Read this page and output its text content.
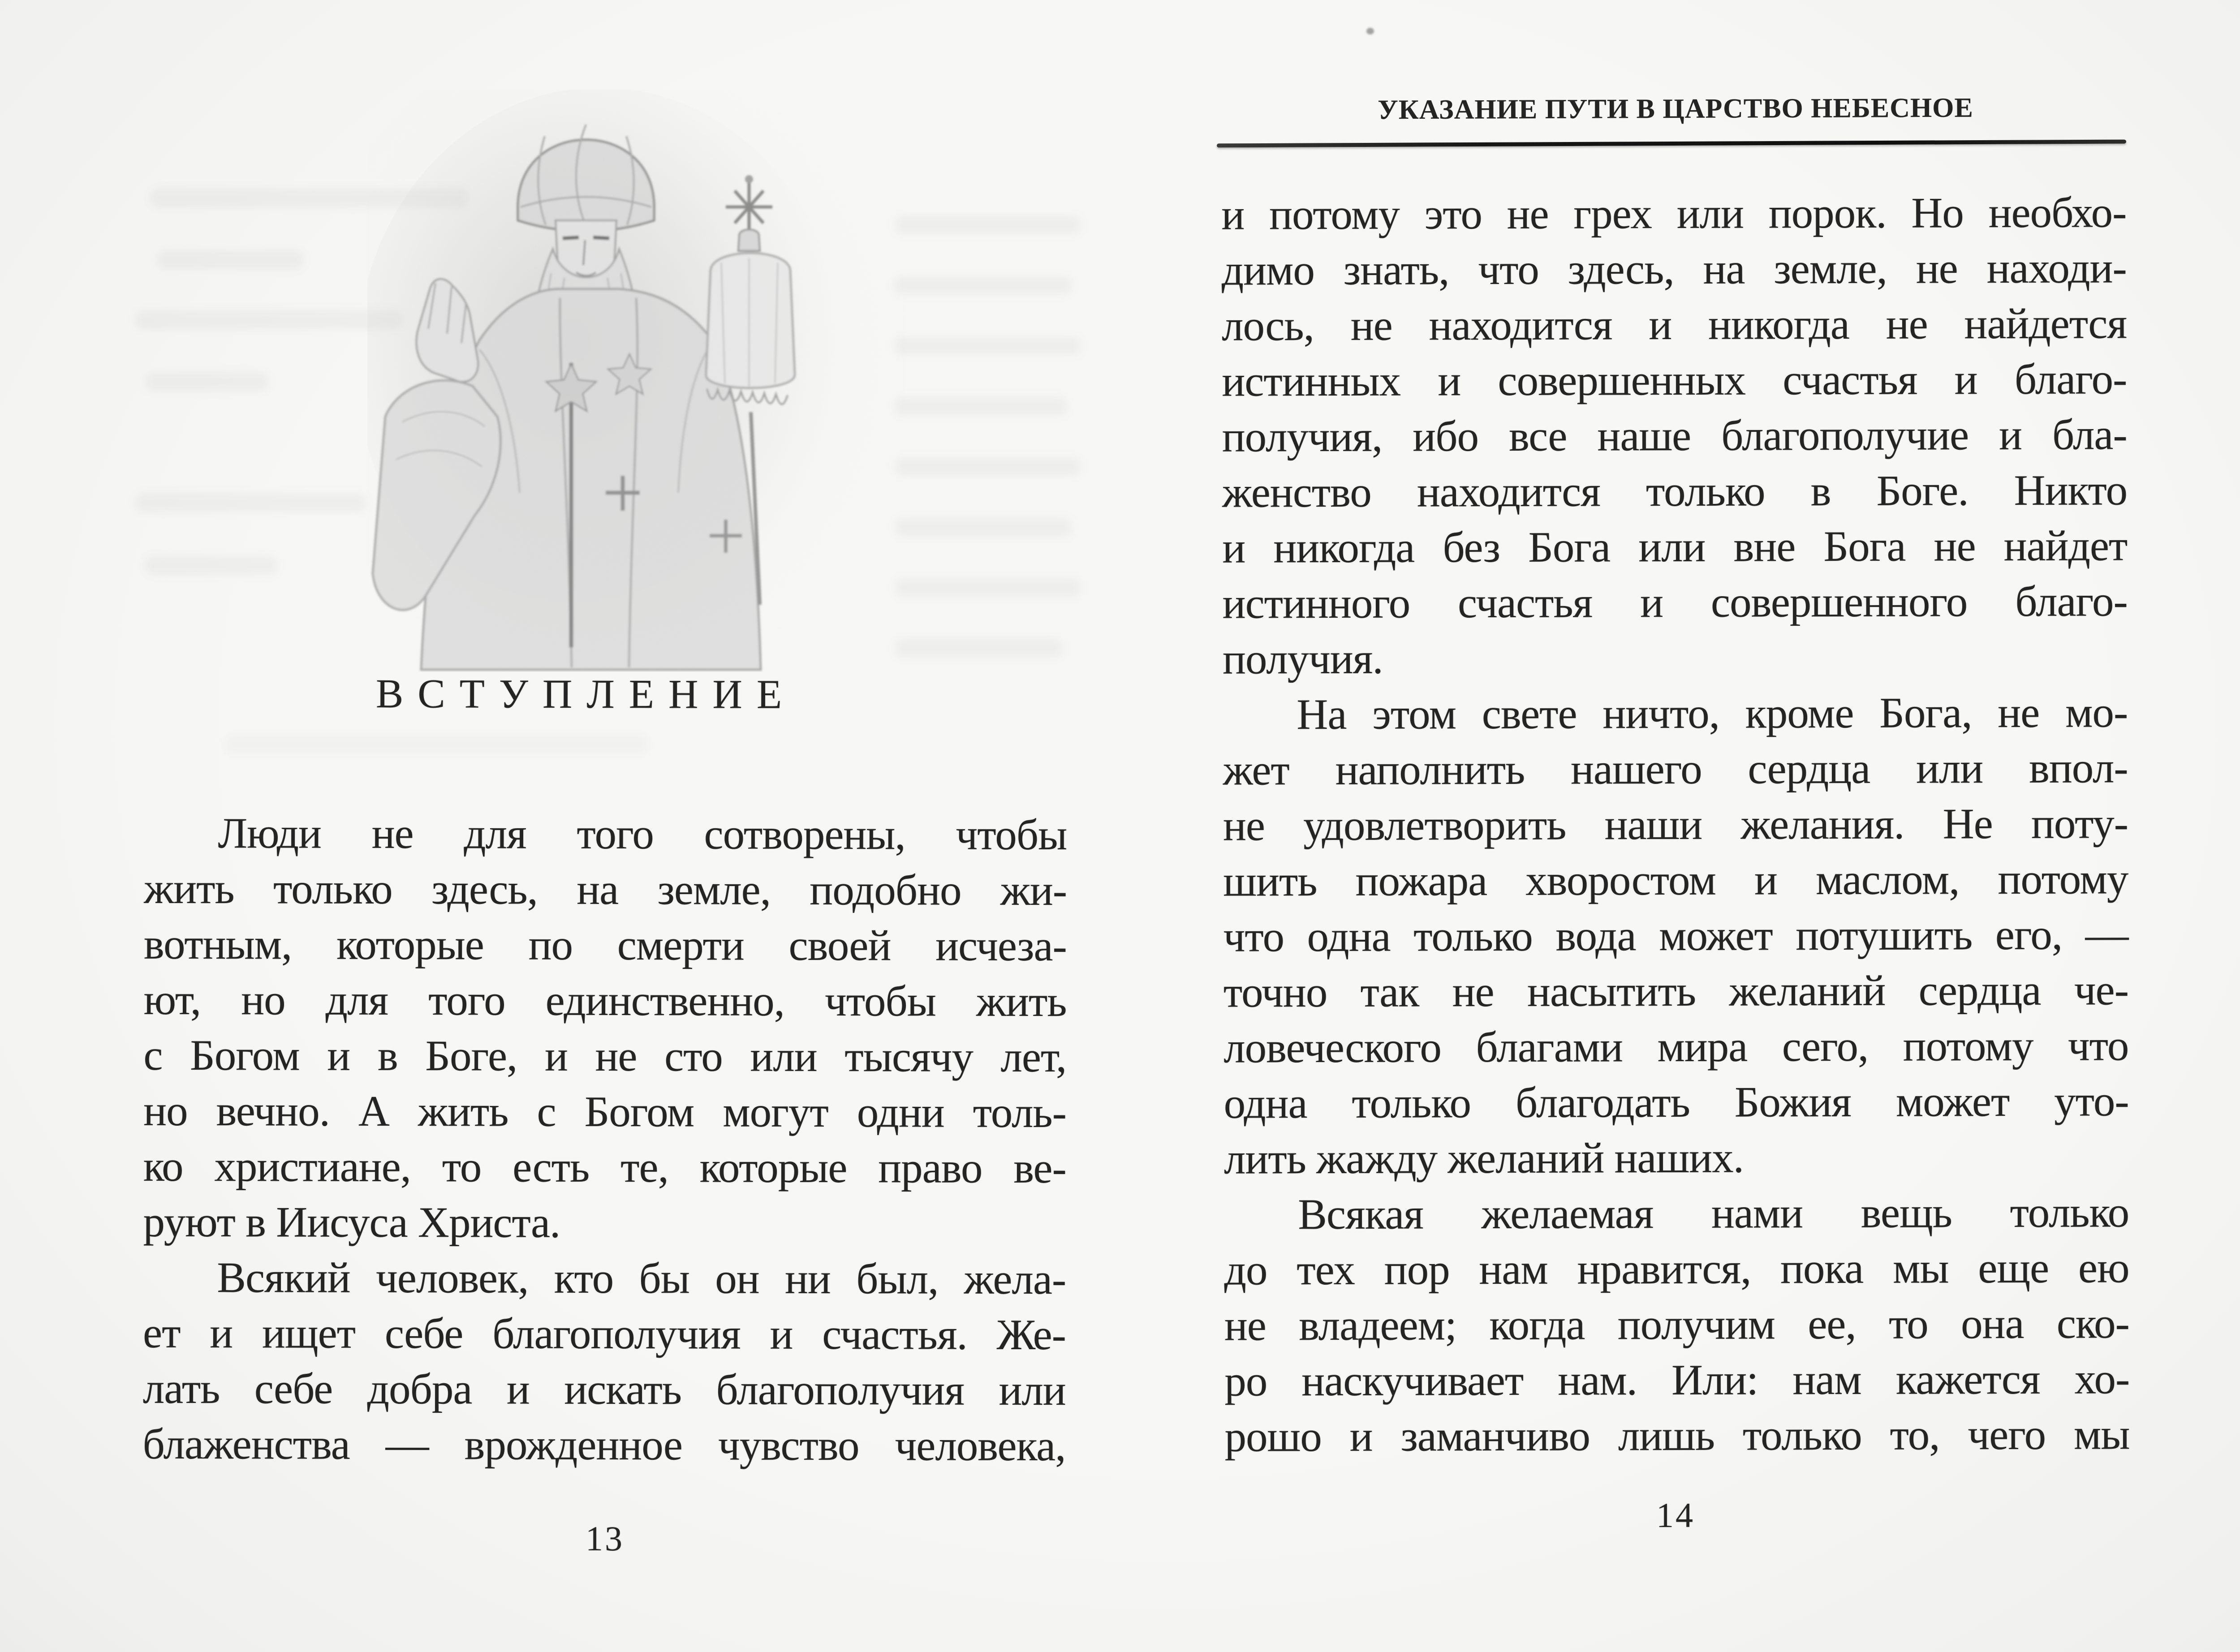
ВСТУПЛЕНИЕ
Люди не для того сотворены, чтобы
жить только здесь, на земле, подобно жи-
вотным, которые по смерти своей исчеза-
ют, но для того единственно, чтобы жить
с Богом и в Боге, и не сто или тысячу лет,
но вечно. А жить с Богом могут одни толь-
ко христиане, то есть те, которые право ве-
руют в Иисуса Христа.
Всякий человек, кто бы он ни был, жела-
ет и ищет себе благополучия и счастья. Же-
лать себе добра и искать благополучия или
блаженства — врожденное чувство человека,
13
УКАЗАНИЕ ПУТИ В ЦАРСТВО НЕБЕСНОЕ
и потому это не грех или порок. Но необхо-
димо знать, что здесь, на земле, не находи-
лось, не находится и никогда не найдется
истинных и совершенных счастья и благо-
получия, ибо все наше благополучие и бла-
женство находится только в Боге. Никто
и никогда без Бога или вне Бога не найдет
истинного счастья и совершенного благо-
получия.
На этом свете ничто, кроме Бога, не мо-
жет наполнить нашего сердца или впол-
не удовлетворить наши желания. Не поту-
шить пожара хворостом и маслом, потому
что одна только вода может потушить его, —
точно так не насытить желаний сердца че-
ловеческого благами мира сего, потому что
одна только благодать Божия может уто-
лить жажду желаний наших.
Всякая желаемая нами вещь только
до тех пор нам нравится, пока мы еще ею
не владеем; когда получим ее, то она ско-
ро наскучивает нам. Или: нам кажется хо-
рошо и заманчиво лишь только то, чего мы
14
